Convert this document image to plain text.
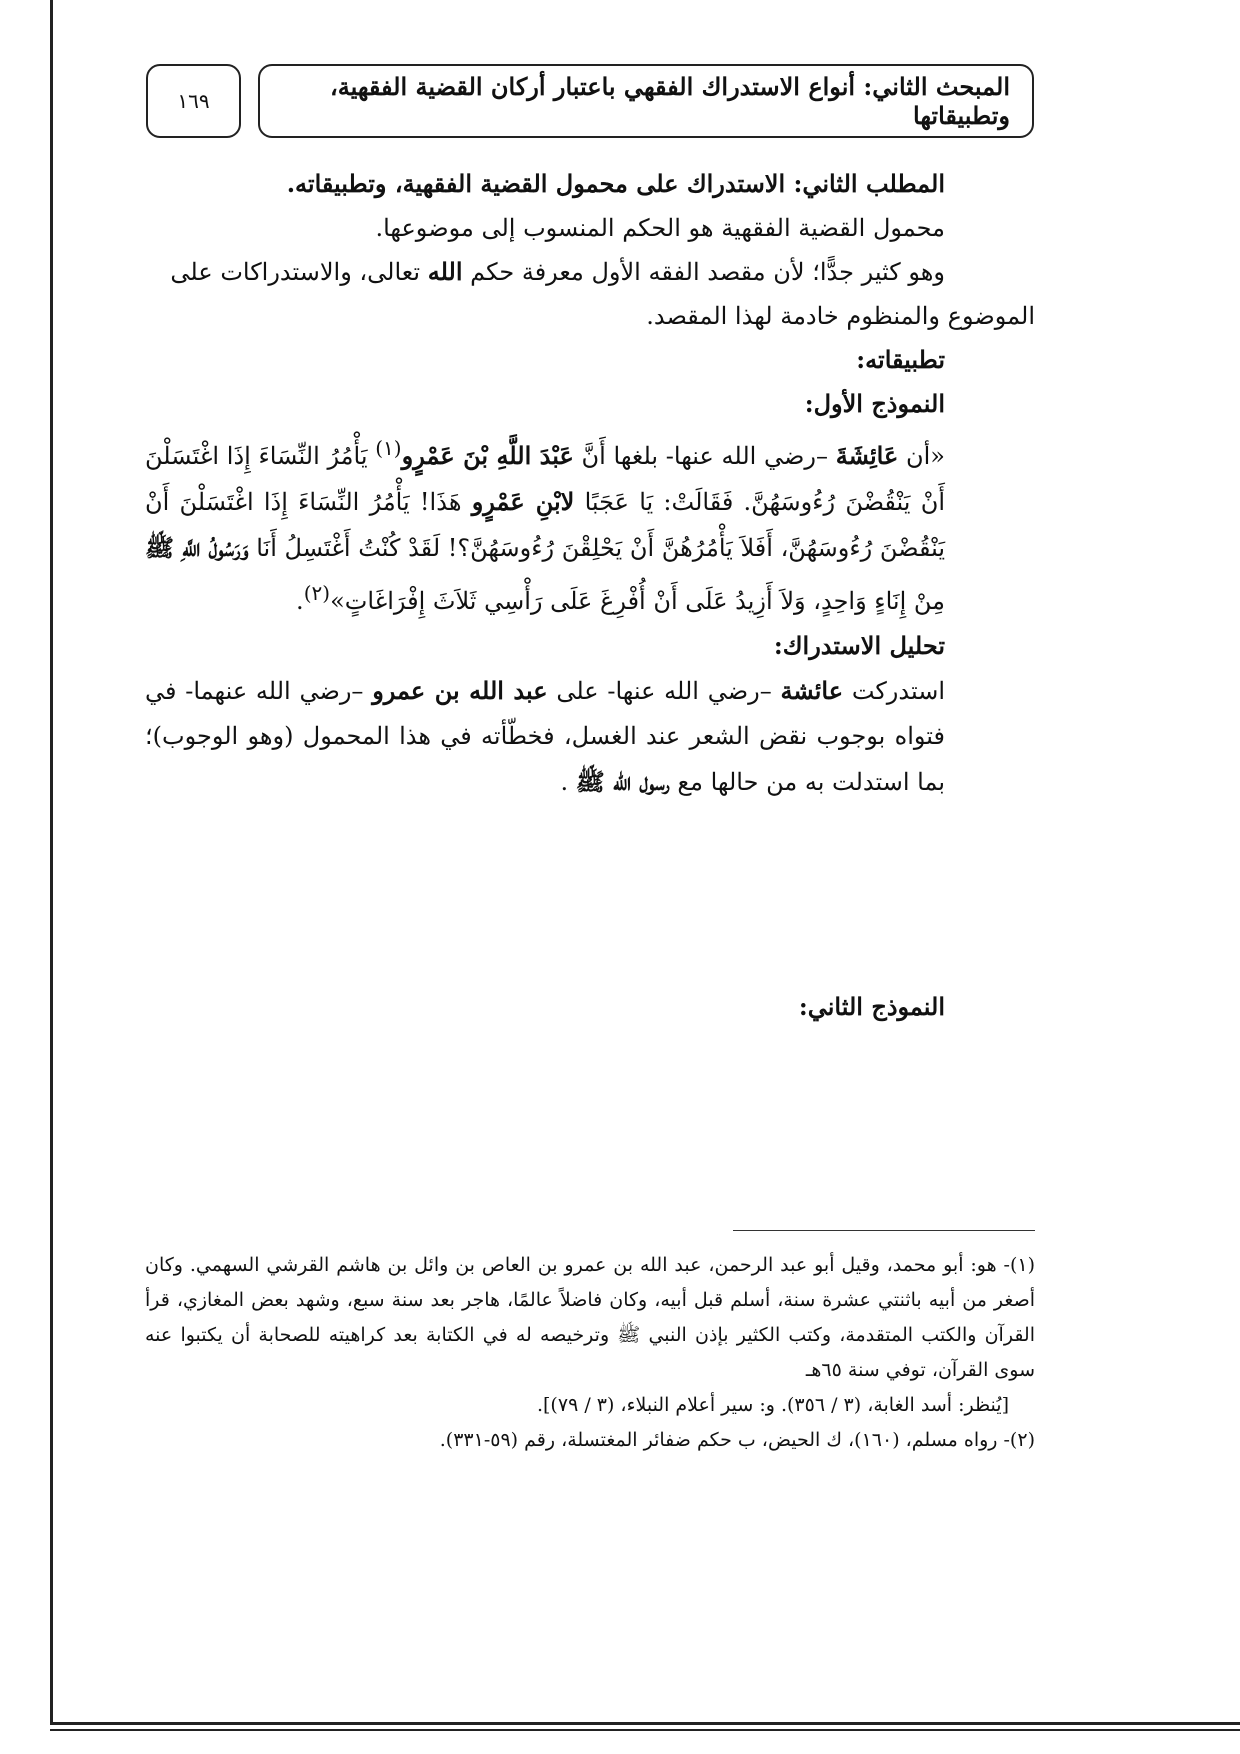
المبحث الثاني: أنواع الاستدراك الفقهي باعتبار أركان القضية الفقهية، وتطبيقاتها
١٦٩

المطلب الثاني: الاستدراك على محمول القضية الفقهية، وتطبيقاته.

محمول القضية الفقهية هو الحكم المنسوب إلى موضوعها.

وهو كثير جدًّا؛ لأن مقصد الفقه الأول معرفة حكم الله تعالى، والاستدراكات على

الموضوع والمنظوم خادمة لهذا المقصد.

تطبيقاته:

النموذج الأول:

«أن عَائِشَةَ –رضي الله عنها- بلغها أَنَّ عَبْدَ اللَّهِ بْنَ عَمْرٍو$^{(١)}$ يَأْمُرُ النِّسَاءَ إِذَا اغْتَسَلْنَ أَنْ يَنْقُضْنَ رُءُوسَهُنَّ. فَقَالَتْ: يَا عَجَبًا لابْنِ عَمْرٍو هَذَا! يَأْمُرُ النِّسَاءَ إِذَا اغْتَسَلْنَ أَنْ يَنْقُضْنَ رُءُوسَهُنَّ، أَفَلاَ يَأْمُرُهُنَّ أَنْ يَحْلِقْنَ رُءُوسَهُنَّ؟! لَقَدْ كُنْتُ أَغْتَسِلُ أَنَا وَرَسُولُ اللَّهِ ﷺ مِنْ إِنَاءٍ وَاحِدٍ، وَلاَ أَزِيدُ عَلَى أَنْ أُفْرِغَ عَلَى رَأْسِي ثَلاَثَ إِفْرَاغَاتٍ»$^{(٢)}$.

تحليل الاستدراك:

استدركت عائشة –رضي الله عنها- على عبد الله بن عمرو –رضي الله عنهما- في فتواه بوجوب نقض الشعر عند الغسل، فخطّأته في هذا المحمول (وهو الوجوب)؛ بما استدلت به من حالها مع رسول الله ﷺ .

النموذج الثاني:

(١)- هو: أبو محمد، وقيل أبو عبد الرحمن، عبد الله بن عمرو بن العاص بن وائل بن هاشم القرشي السهمي. وكان أصغر من أبيه باثنتي عشرة سنة، أسلم قبل أبيه، وكان فاضلاً عالمًا، هاجر بعد سنة سبع، وشهد بعض المغازي، قرأ القرآن والكتب المتقدمة، وكتب الكثير بإذن النبي ﷺ وترخيصه له في الكتابة بعد كراهيته للصحابة أن يكتبوا عنه سوى القرآن، توفي سنة ٦٥هـ

[يُنظر: أسد الغابة، (٣ / ٣٥٦). و: سير أعلام النبلاء، (٣ / ٧٩)].

(٢)- رواه مسلم، (١٦٠)، ك الحيض، ب حكم ضفائر المغتسلة، رقم (٥٩-٣٣١).
